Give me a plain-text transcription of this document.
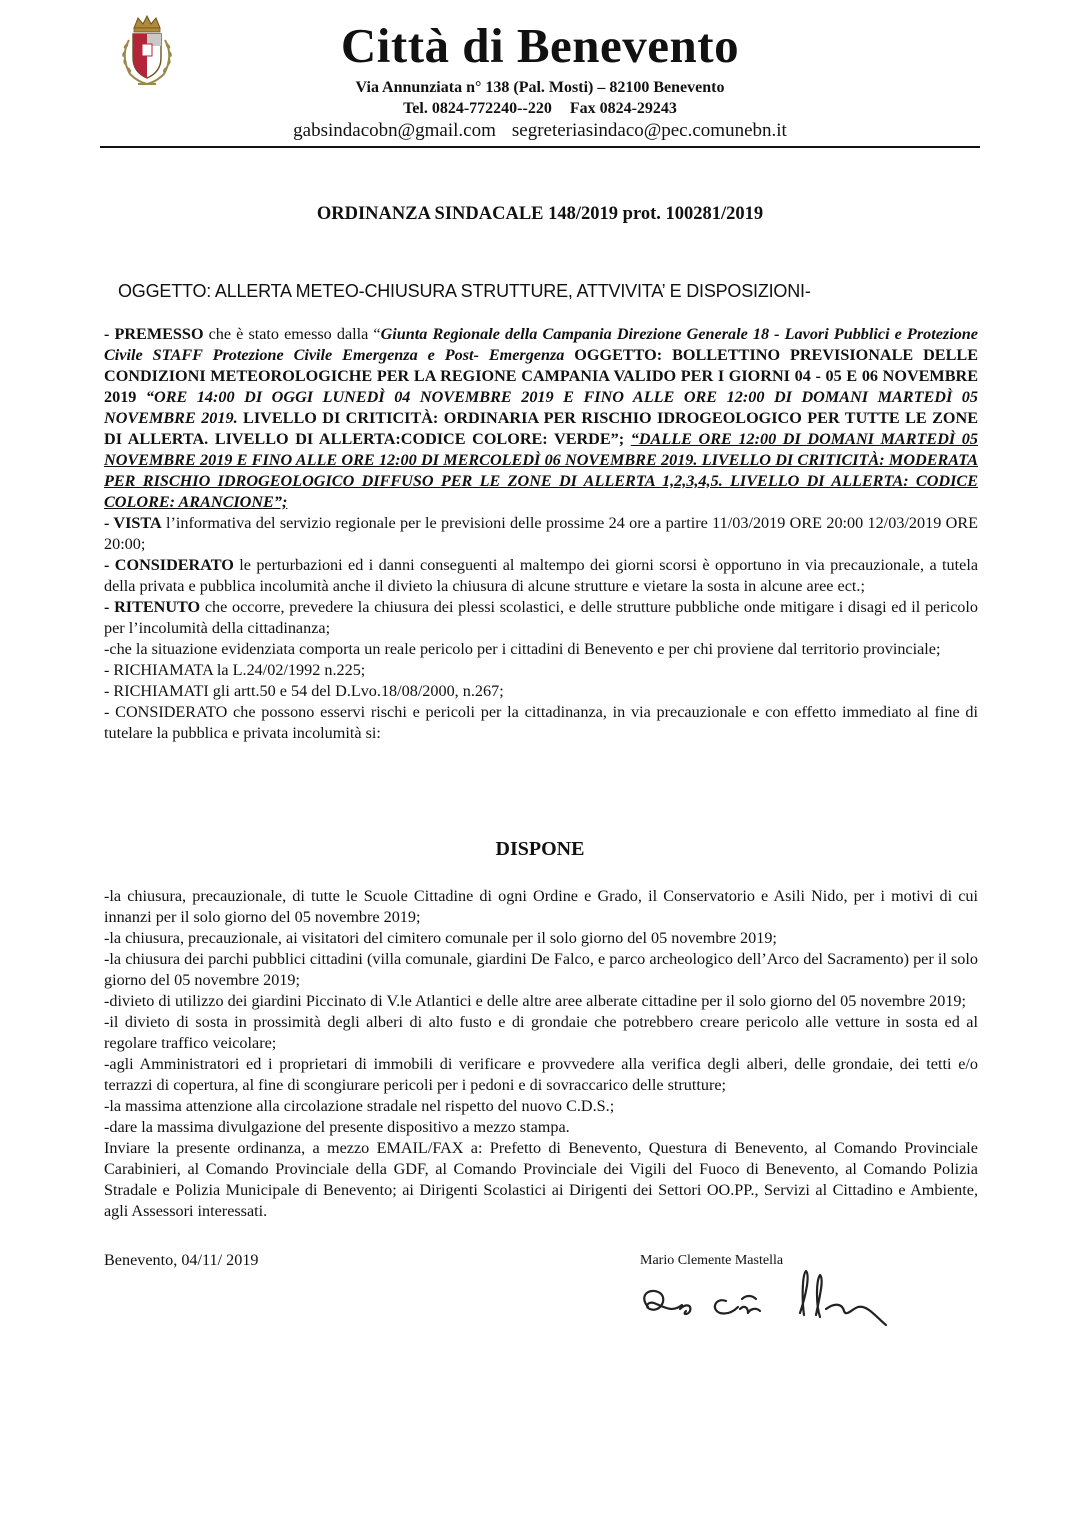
Città di Benevento
Via Annunziata n° 138 (Pal. Mosti) – 82100 Benevento
Tel. 0824-772240--220 Fax 0824-29243
gabsindacobn@gmail.com segreteriasindaco@pec.comunebn.it
ORDINANZA SINDACALE 148/2019 prot. 100281/2019
OGGETTO: ALLERTA METEO-CHIUSURA STRUTTURE, ATTVIVITA’ E DISPOSIZIONI-

- PREMESSO che è stato emesso dalla “Giunta Regionale della Campania Direzione Generale 18 - Lavori Pubblici e Protezione Civile STAFF Protezione Civile Emergenza e Post- Emergenza OGGETTO: BOLLETTINO PREVISIONALE DELLE CONDIZIONI METEOROLOGICHE PER LA REGIONE CAMPANIA VALIDO PER I GIORNI 04 - 05 E 06 NOVEMBRE 2019 “ORE 14:00 DI OGGI LUNEDÌ 04 NOVEMBRE 2019 E FINO ALLE ORE 12:00 DI DOMANI MARTEDÌ 05 NOVEMBRE 2019. LIVELLO DI CRITICITÀ: ORDINARIA PER RISCHIO IDROGEOLOGICO PER TUTTE LE ZONE DI ALLERTA. LIVELLO DI ALLERTA:CODICE COLORE: VERDE”; “DALLE ORE 12:00 DI DOMANI MARTEDÌ 05 NOVEMBRE 2019 E FINO ALLE ORE 12:00 DI MERCOLEDÌ 06 NOVEMBRE 2019. LIVELLO DI CRITICITÀ: MODERATA PER RISCHIO IDROGEOLOGICO DIFFUSO PER LE ZONE DI ALLERTA 1,2,3,4,5. LIVELLO DI ALLERTA: CODICE COLORE: ARANCIONE”;

- VISTA l’informativa del servizio regionale per le previsioni delle prossime 24 ore a partire 11/03/2019 ORE 20:00 12/03/2019 ORE 20:00;

- CONSIDERATO le perturbazioni ed i danni conseguenti al maltempo dei giorni scorsi è opportuno in via precauzionale, a tutela della privata e pubblica incolumità anche il divieto la chiusura di alcune strutture e vietare la sosta in alcune aree ect.;

- RITENUTO che occorre, prevedere la chiusura dei plessi scolastici, e delle strutture pubbliche onde mitigare i disagi ed il pericolo per l’incolumità della cittadinanza;

-che la situazione evidenziata comporta un reale pericolo per i cittadini di Benevento e per chi proviene dal territorio provinciale;

- RICHIAMATA la L.24/02/1992 n.225;

- RICHIAMATI gli artt.50 e 54 del D.Lvo.18/08/2000, n.267;

- CONSIDERATO che possono esservi rischi e pericoli per la cittadinanza, in via precauzionale e con effetto immediato al fine di tutelare la pubblica e privata incolumità si:

DISPONE

-la chiusura, precauzionale, di tutte le Scuole Cittadine di ogni Ordine e Grado, il Conservatorio e Asili Nido, per i motivi di cui innanzi per il solo giorno del 05 novembre 2019;

-la chiusura, precauzionale, ai visitatori del cimitero comunale per il solo giorno del 05 novembre 2019;

-la chiusura dei parchi pubblici cittadini (villa comunale, giardini De Falco, e parco archeologico dell’Arco del Sacramento) per il solo giorno del 05 novembre 2019;

-divieto di utilizzo dei giardini Piccinato di V.le Atlantici e delle altre aree alberate cittadine per il solo giorno del 05 novembre 2019;

-il divieto di sosta in prossimità degli alberi di alto fusto e di grondaie che potrebbero creare pericolo alle vetture in sosta ed al regolare traffico veicolare;

-agli Amministratori ed i proprietari di immobili di verificare e provvedere alla verifica degli alberi, delle grondaie, dei tetti e/o terrazzi di copertura, al fine di scongiurare pericoli per i pedoni e di sovraccarico delle strutture;

-la massima attenzione alla circolazione stradale nel rispetto del nuovo C.D.S.;

-dare la massima divulgazione del presente dispositivo a mezzo stampa.

Inviare la presente ordinanza, a mezzo EMAIL/FAX a: Prefetto di Benevento, Questura di Benevento, al Comando Provinciale Carabinieri, al Comando Provinciale della GDF, al Comando Provinciale dei Vigili del Fuoco di Benevento, al Comando Polizia Stradale e Polizia Municipale di Benevento; ai Dirigenti Scolastici ai Dirigenti dei Settori OO.PP., Servizi al Cittadino e Ambiente, agli Assessori interessati.

Benevento, 04/11/ 2019	Mario Clemente Mastella
